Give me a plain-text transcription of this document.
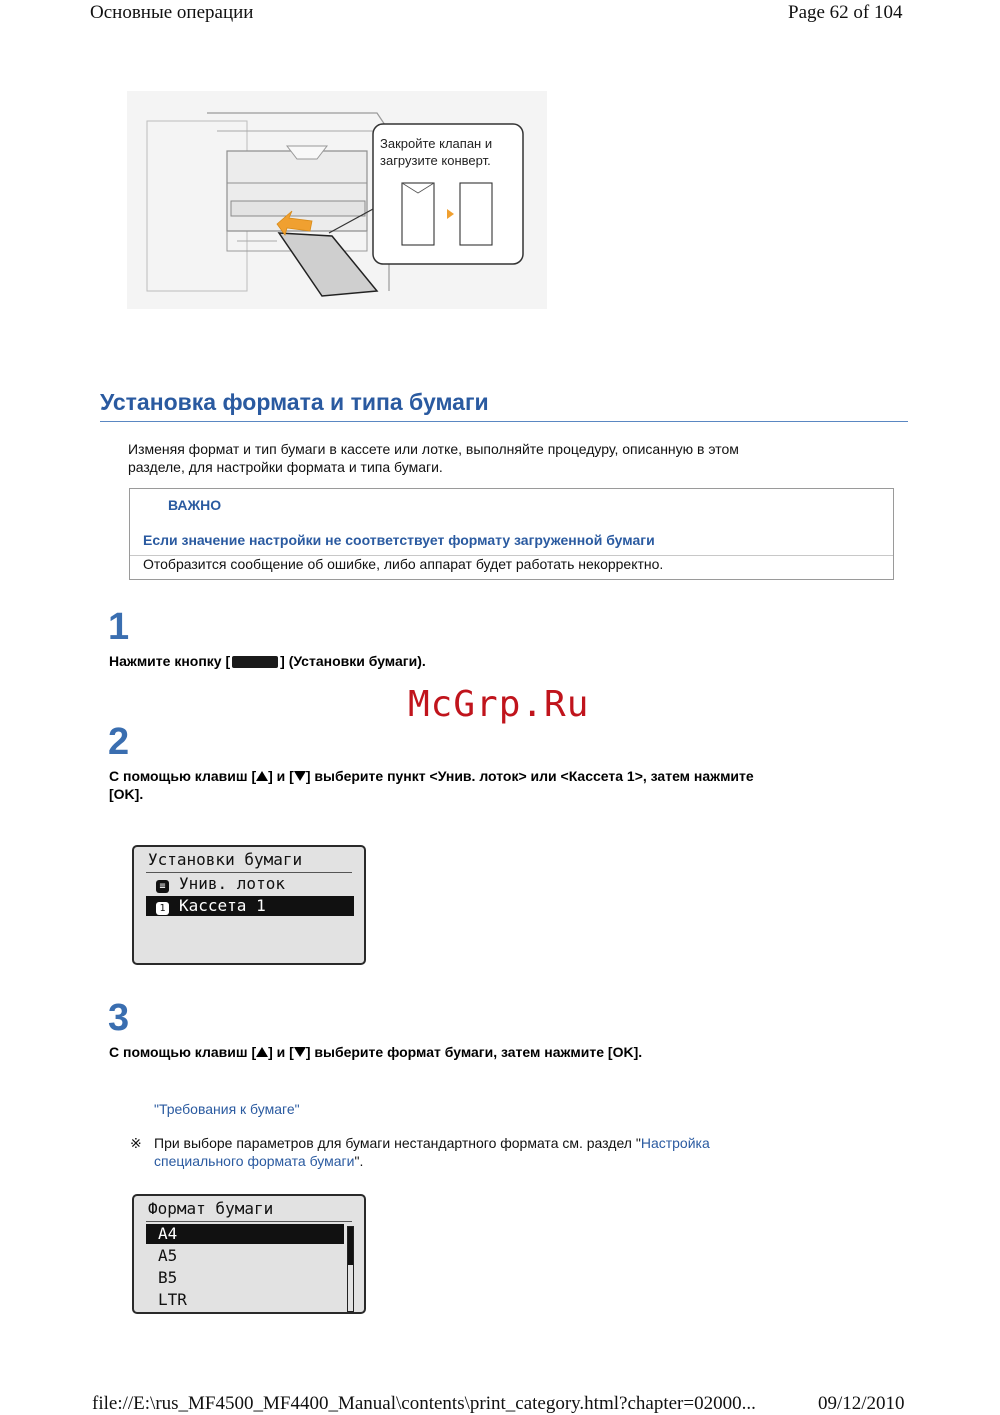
Основные операции	Page 62 of 104
Закройте клапан и
загрузите конверт.
Установка формата и типа бумаги
Изменяя формат и тип бумаги в кассете или лотке, выполняйте процедуру, описанную в этом
разделе, для настройки формата и типа бумаги.
ВАЖНО
Если значение настройки не соответствует формату загруженной бумаги
Отобразится сообщение об ошибке, либо аппарат будет работать некорректно.
1
Нажмите кнопку [	] (Установки бумаги).
McGrp.Ru
2
С помощью клавиш [ ] и [ ] выберите пункт <Унив. лоток> или <Кассета 1>, затем нажмите
[OK].
Установки бумаги
≡ Унив. лоток
1 Кассета 1
3
С помощью клавиш [ ] и [ ] выберите формат бумаги, затем нажмите [OK].
"Требования к бумаге"
※ При выборе параметров для бумаги нестандартного формата см. раздел "Настройка
специального формата бумаги".
Формат бумаги
A4
A5
B5
LTR
file://E:\rus_MF4500_MF4400_Manual\contents\print_category.html?chapter=02000...	09/12/2010
